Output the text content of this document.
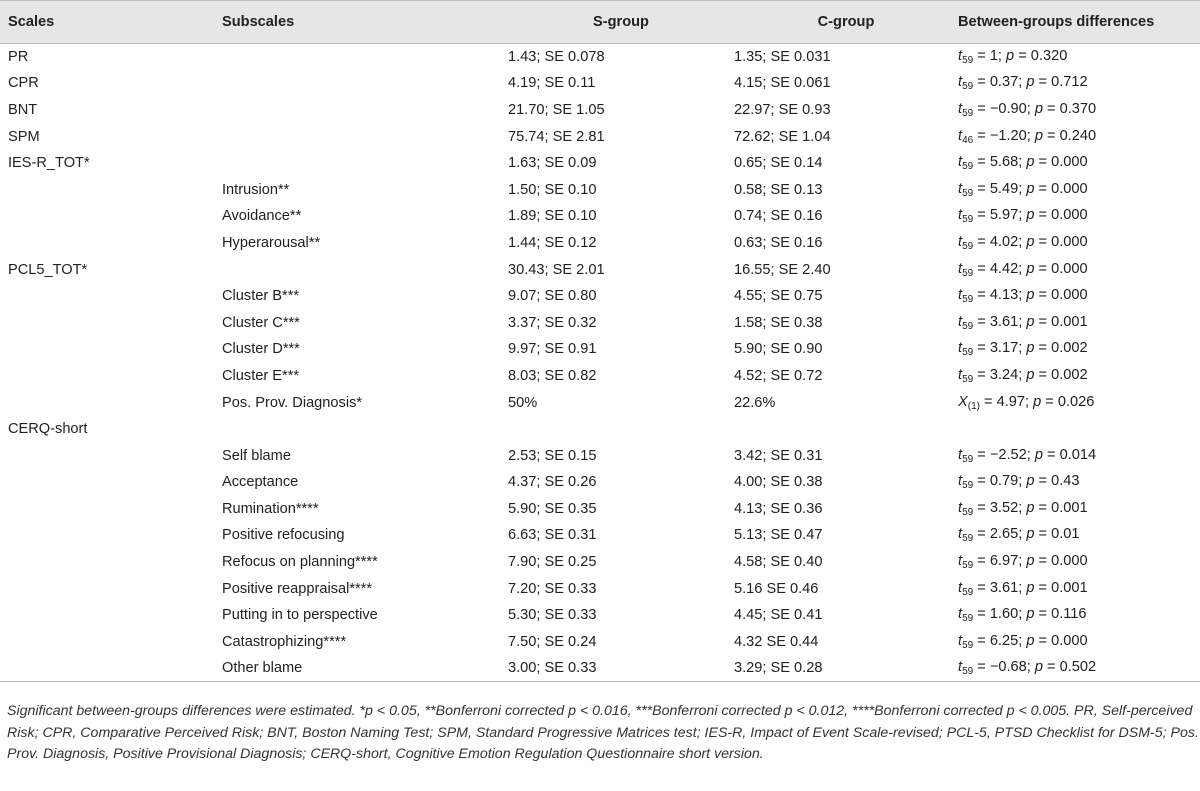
Scales	Subscales	S-group	C-group	Between-groups differences
PR		1.43; SE 0.078	1.35; SE 0.031	$t_{59} = 1$; p = 0.320
CPR		4.19; SE 0.11	4.15; SE 0.061	$t_{59} = 0.37$; p = 0.712
BNT		21.70; SE 1.05	22.97; SE 0.93	$t_{59} = -0.90$; p = 0.370
SPM		75.74; SE 2.81	72.62; SE 1.04	$t_{46} = -1.20$; p = 0.240
IES-R_TOT*		1.63; SE 0.09	0.65; SE 0.14	$t_{59} = 5.68$; p = 0.000
	Intrusion**	1.50; SE 0.10	0.58; SE 0.13	$t_{59} = 5.49$; p = 0.000
	Avoidance**	1.89; SE 0.10	0.74; SE 0.16	$t_{59} = 5.97$; p = 0.000
	Hyperarousal**	1.44; SE 0.12	0.63; SE 0.16	$t_{59} = 4.02$; p = 0.000
PCL5_TOT*		30.43; SE 2.01	16.55; SE 2.40	$t_{59} = 4.42$; p = 0.000
	Cluster B***	9.07; SE 0.80	4.55; SE 0.75	$t_{59} = 4.13$; p = 0.000
	Cluster C***	3.37; SE 0.32	1.58; SE 0.38	$t_{59} = 3.61$; p = 0.001
	Cluster D***	9.97; SE 0.91	5.90; SE 0.90	$t_{59} = 3.17$; p = 0.002
	Cluster E***	8.03; SE 0.82	4.52; SE 0.72	$t_{59} = 3.24$; p = 0.002
	Pos. Prov. Diagnosis*	50%	22.6%	$X_{(1)} = 4.97$; p = 0.026
CERQ-short				
	Self blame	2.53; SE 0.15	3.42; SE 0.31	$t_{59} = -2.52$; p = 0.014
	Acceptance	4.37; SE 0.26	4.00; SE 0.38	$t_{59} = 0.79$; p = 0.43
	Rumination****	5.90; SE 0.35	4.13; SE 0.36	$t_{59} = 3.52$; p = 0.001
	Positive refocusing	6.63; SE 0.31	5.13; SE 0.47	$t_{59} = 2.65$; p = 0.01
	Refocus on planning****	7.90; SE 0.25	4.58; SE 0.40	$t_{59} = 6.97$; p = 0.000
	Positive reappraisal****	7.20; SE 0.33	5.16 SE 0.46	$t_{59} = 3.61$; p = 0.001
	Putting in to perspective	5.30; SE 0.33	4.45; SE 0.41	$t_{59} = 1.60$; p = 0.116
	Catastrophizing****	7.50; SE 0.24	4.32 SE 0.44	$t_{59} = 6.25$; p = 0.000
	Other blame	3.00; SE 0.33	3.29; SE 0.28	$t_{59} = -0.68$; p = 0.502
Significant between-groups differences were estimated. *p < 0.05, **Bonferroni corrected p < 0.016, ***Bonferroni corrected p < 0.012, ****Bonferroni corrected p < 0.005. PR, Self-perceived Risk; CPR, Comparative Perceived Risk; BNT, Boston Naming Test; SPM, Standard Progressive Matrices test; IES-R, Impact of Event Scale-revised; PCL-5, PTSD Checklist for DSM-5; Pos. Prov. Diagnosis, Positive Provisional Diagnosis; CERQ-short, Cognitive Emotion Regulation Questionnaire short version.
